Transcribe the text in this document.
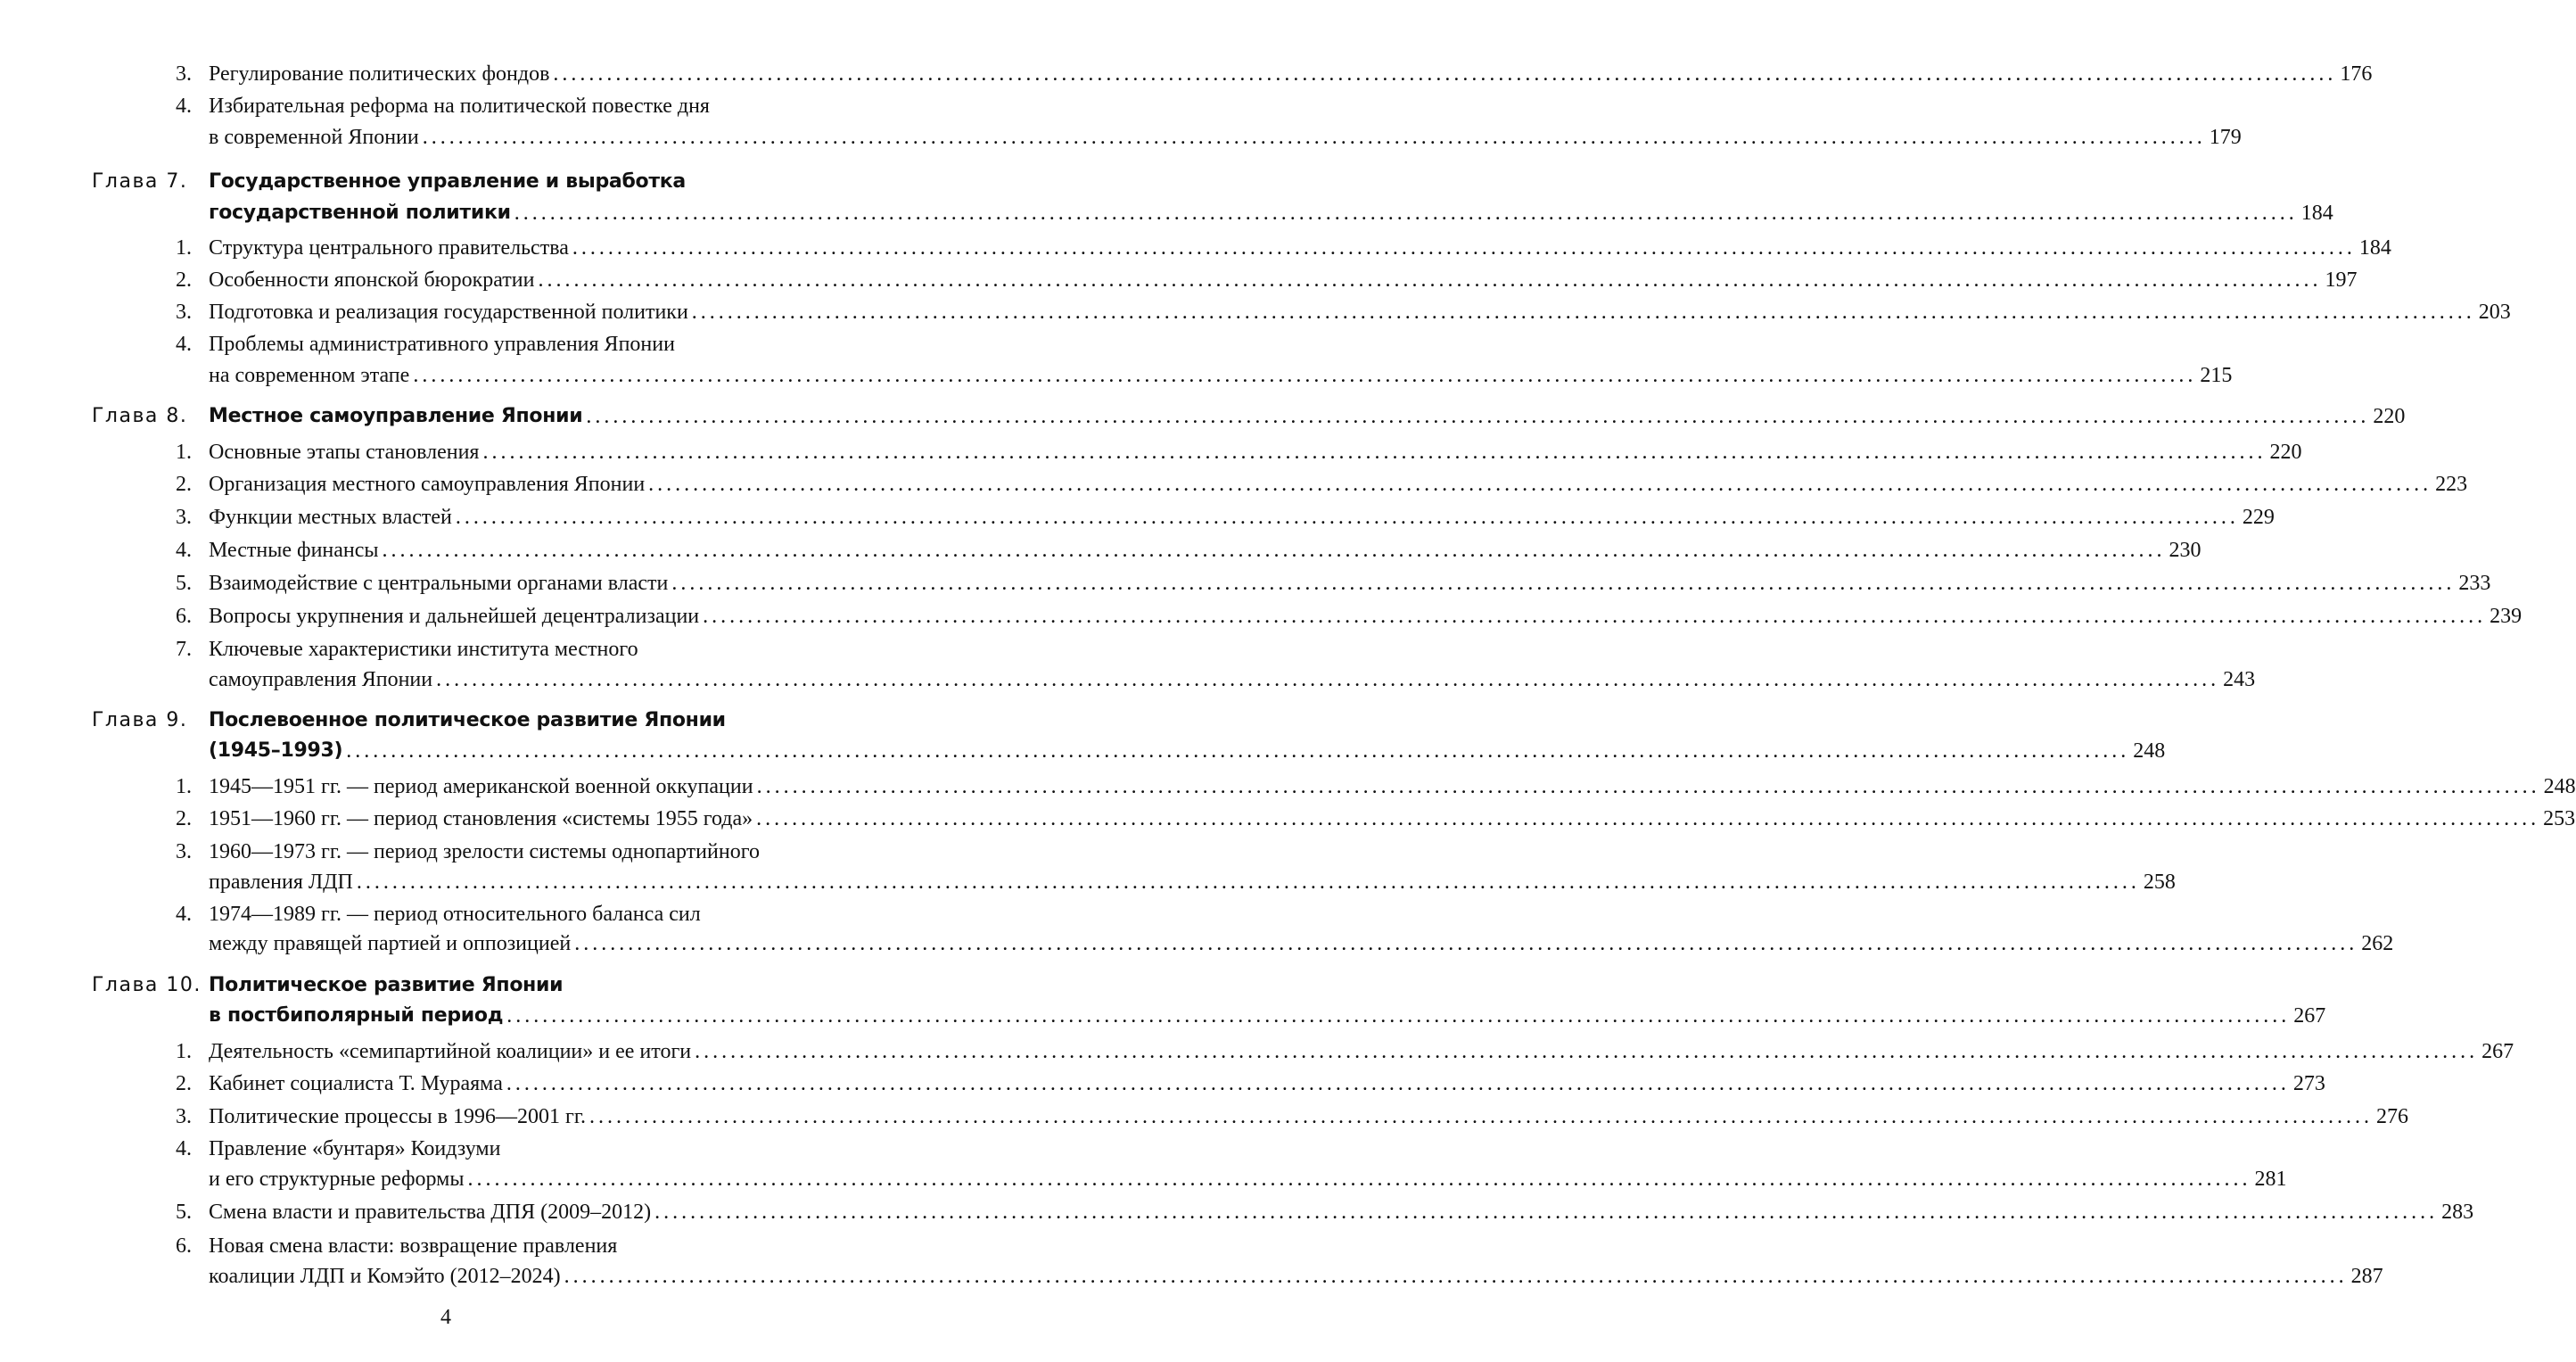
3. Регулирование политических фондов ........................................................................................................................................................................................................ 176
4. Избирательная реформа на политической повестке дня
в современной Японии ........................................................................................................................................................................................................ 179
Глава 7. Государственное управление и выработка
государственной политики ........................................................................................................................................................................................................ 184
1. Структура центрального правительства ........................................................................................................................................................................................................ 184
2. Особенности японской бюрократии ........................................................................................................................................................................................................ 197
3. Подготовка и реализация государственной политики ........................................................................................................................................................................................................ 203
4. Проблемы административного управления Японии
на современном этапе ........................................................................................................................................................................................................ 215
Глава 8. Местное самоуправление Японии ........................................................................................................................................................................................................ 220
1. Основные этапы становления ........................................................................................................................................................................................................ 220
2. Организация местного самоуправления Японии ........................................................................................................................................................................................................ 223
3. Функции местных властей ........................................................................................................................................................................................................ 229
4. Местные финансы ........................................................................................................................................................................................................ 230
5. Взаимодействие с центральными органами власти ........................................................................................................................................................................................................ 233
6. Вопросы укрупнения и дальнейшей децентрализации ........................................................................................................................................................................................................ 239
7. Ключевые характеристики института местного
самоуправления Японии ........................................................................................................................................................................................................ 243
Глава 9. Послевоенное политическое развитие Японии
(1945–1993) ........................................................................................................................................................................................................ 248
1. 1945—1951 гг. — период американской военной оккупации ........................................................................................................................................................................................................ 248
2. 1951—1960 гг. — период становления «системы 1955 года» ........................................................................................................................................................................................................ 253
3. 1960—1973 гг. — период зрелости системы однопартийного
правления ЛДП ........................................................................................................................................................................................................ 258
4. 1974—1989 гг. — период относительного баланса сил
между правящей партией и оппозицией ........................................................................................................................................................................................................ 262
Глава 10. Политическое развитие Японии
в постбиполярный период ........................................................................................................................................................................................................ 267
1. Деятельность «семипартийной коалиции» и ее итоги ........................................................................................................................................................................................................ 267
2. Кабинет социалиста Т. Мураяма ........................................................................................................................................................................................................ 273
3. Политические процессы в 1996—2001 гг. ........................................................................................................................................................................................................ 276
4. Правление «бунтаря» Коидзуми
и его структурные реформы ........................................................................................................................................................................................................ 281
5. Смена власти и правительства ДПЯ (2009–2012) ........................................................................................................................................................................................................ 283
6. Новая смена власти: возвращение правления
коалиции ЛДП и Комэйто (2012–2024) ........................................................................................................................................................................................................ 287
4
